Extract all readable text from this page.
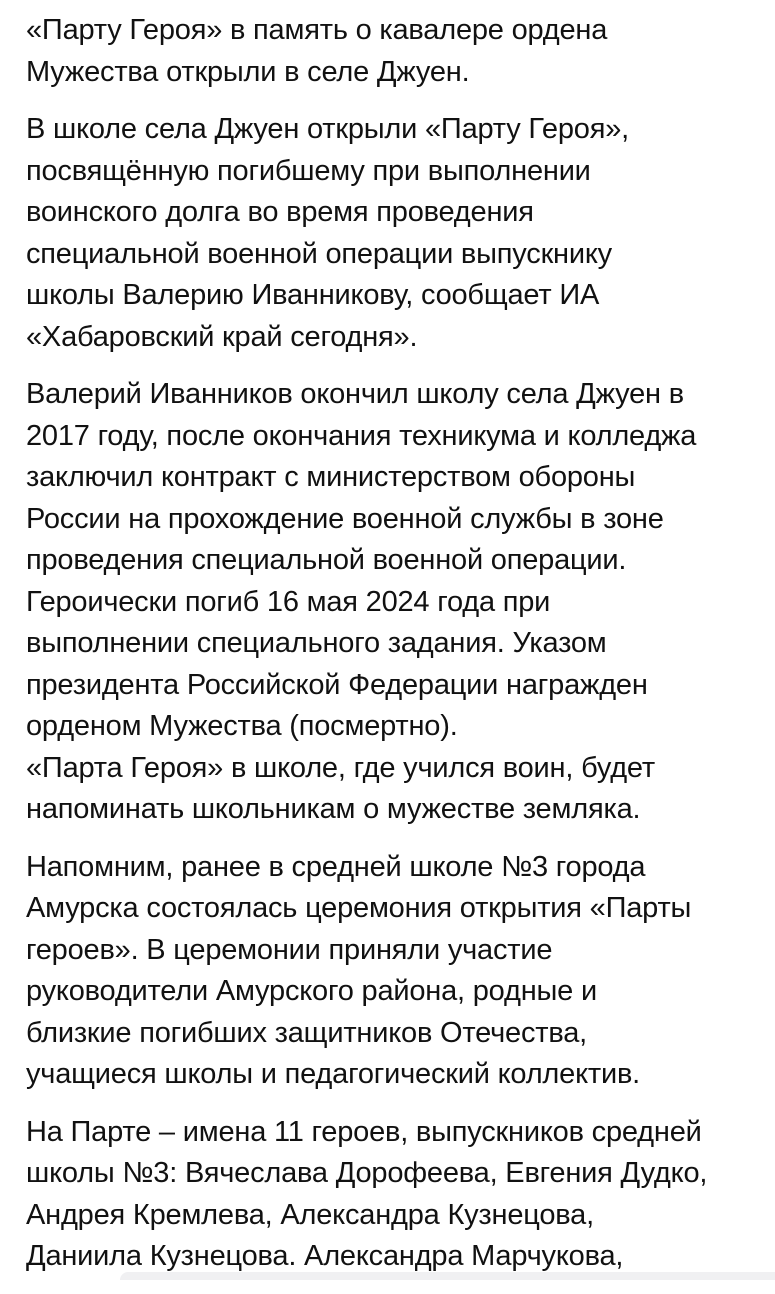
«Парту Героя» в память о кавалере ордена
Мужества открыли в селе Джуен.

В школе села Джуен открыли «Парту Героя»,
посвящённую погибшему при выполнении
воинского долга во время проведения
специальной военной операции выпускнику
школы Валерию Иванникову, сообщает ИА
«Хабаровский край сегодня».

Валерий Иванников окончил школу села Джуен в
2017 году, после окончания техникума и колледжа
заключил контракт с министерством обороны
России на прохождение военной службы в зоне
проведения специальной военной операции.
Героически погиб 16 мая 2024 года при
выполнении специального задания. Указом
президента Российской Федерации награжден
орденом Мужества (посмертно).
«Парта Героя» в школе, где учился воин, будет
напоминать школьникам о мужестве земляка.

Напомним, ранее в средней школе №3 города
Амурска состоялась церемония открытия «Парты
героев». В церемонии приняли участие
руководители Амурского района, родные и
близкие погибших защитников Отечества,
учащиеся школы и педагогический коллектив.

На Парте – имена 11 героев, выпускников средней
школы №3: Вячеслава Дорофеева, Евгения Дудко,
Андрея Кремлева, Александра Кузнецова,
Даниила Кузнецова. Александра Марчукова,
